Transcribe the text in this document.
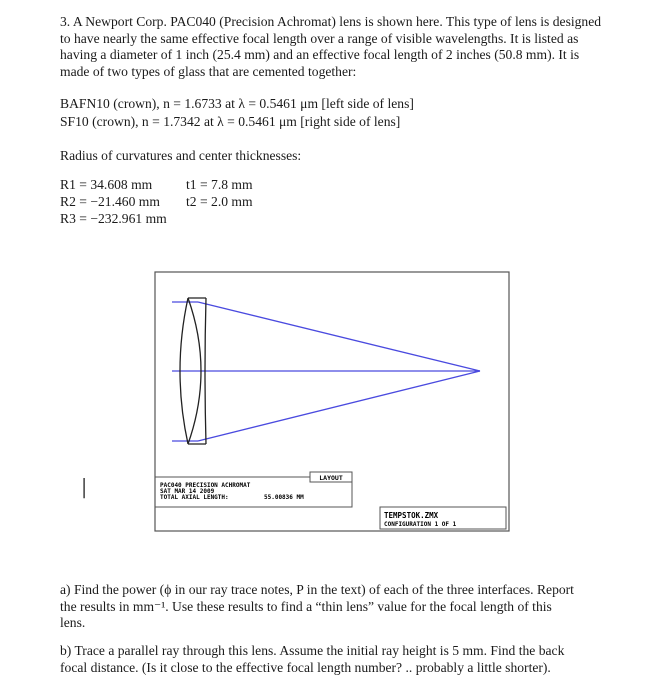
3. A Newport Corp. PAC040 (Precision Achromat) lens is shown here. This type of lens is designed to have nearly the same effective focal length over a range of visible wavelengths. It is listed as having a diameter of 1 inch (25.4 mm) and an effective focal length of 2 inches (50.8 mm). It is made of two types of glass that are cemented together:
BAFN10 (crown), n = 1.6733 at λ = 0.5461 μm [left side of lens]
SF10 (crown), n = 1.7342 at λ = 0.5461 μm [right side of lens]
Radius of curvatures and center thicknesses:
R1 = 34.608 mm
R2 = −21.460 mm
R3 = −232.961 mm
t1 = 7.8 mm
t2 = 2.0 mm
LAYOUT
PAC040 PRECISION ACHROMAT
SAT MAR 14 2009
TOTAL AXIAL LENGTH:	55.00836 MM
TEMPSTOK.ZMX
CONFIGURATION 1 OF 1
I
a) Find the power (ϕ in our ray trace notes, P in the text) of each of the three interfaces. Report the results in mm⁻¹. Use these results to find a “thin lens” value for the focal length of this lens.
b) Trace a parallel ray through this lens. Assume the initial ray height is 5 mm. Find the back focal distance. (Is it close to the effective focal length number? .. probably a little shorter).
